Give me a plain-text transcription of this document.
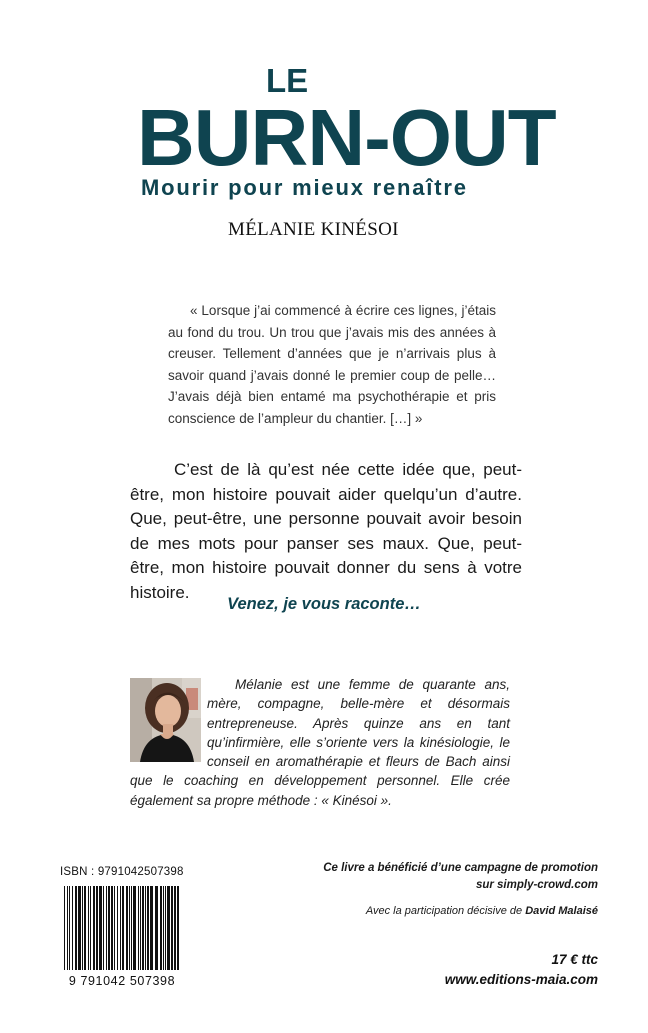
LE
BURN-OUT
Mourir pour mieux renaître
MÉLANIE KINÉSOI
« Lorsque j’ai commencé à écrire ces lignes, j’étais au fond du trou. Un trou que j’avais mis des années à creuser. Tellement d’années que je n’arrivais plus à savoir quand j’avais donné le premier coup de pelle… J’avais déjà bien entamé ma psychothérapie et pris conscience de l’ampleur du chantier. […] »
C’est de là qu’est née cette idée que, peut-être, mon histoire pouvait aider quelqu’un d’autre. Que, peut-être, une personne pouvait avoir besoin de mes mots pour panser ses maux. Que, peut-être, mon histoire pouvait donner du sens à votre histoire.
Venez, je vous raconte…
Mélanie est une femme de quarante ans, mère, compagne, belle-mère et désormais entrepreneuse. Après quinze ans en tant qu’infirmière, elle s’oriente vers la kinésiologie, le conseil en aromathérapie et fleurs de Bach ainsi que le coaching en développement personnel. Elle crée également sa propre méthode : « Kinésoi ».
ISBN : 9791042507398
9 791042 507398
Ce livre a bénéficié d’une campagne de promotion
sur simply-crowd.com
Avec la participation décisive de David Malaisé
17 € ttc
www.editions-maia.com
